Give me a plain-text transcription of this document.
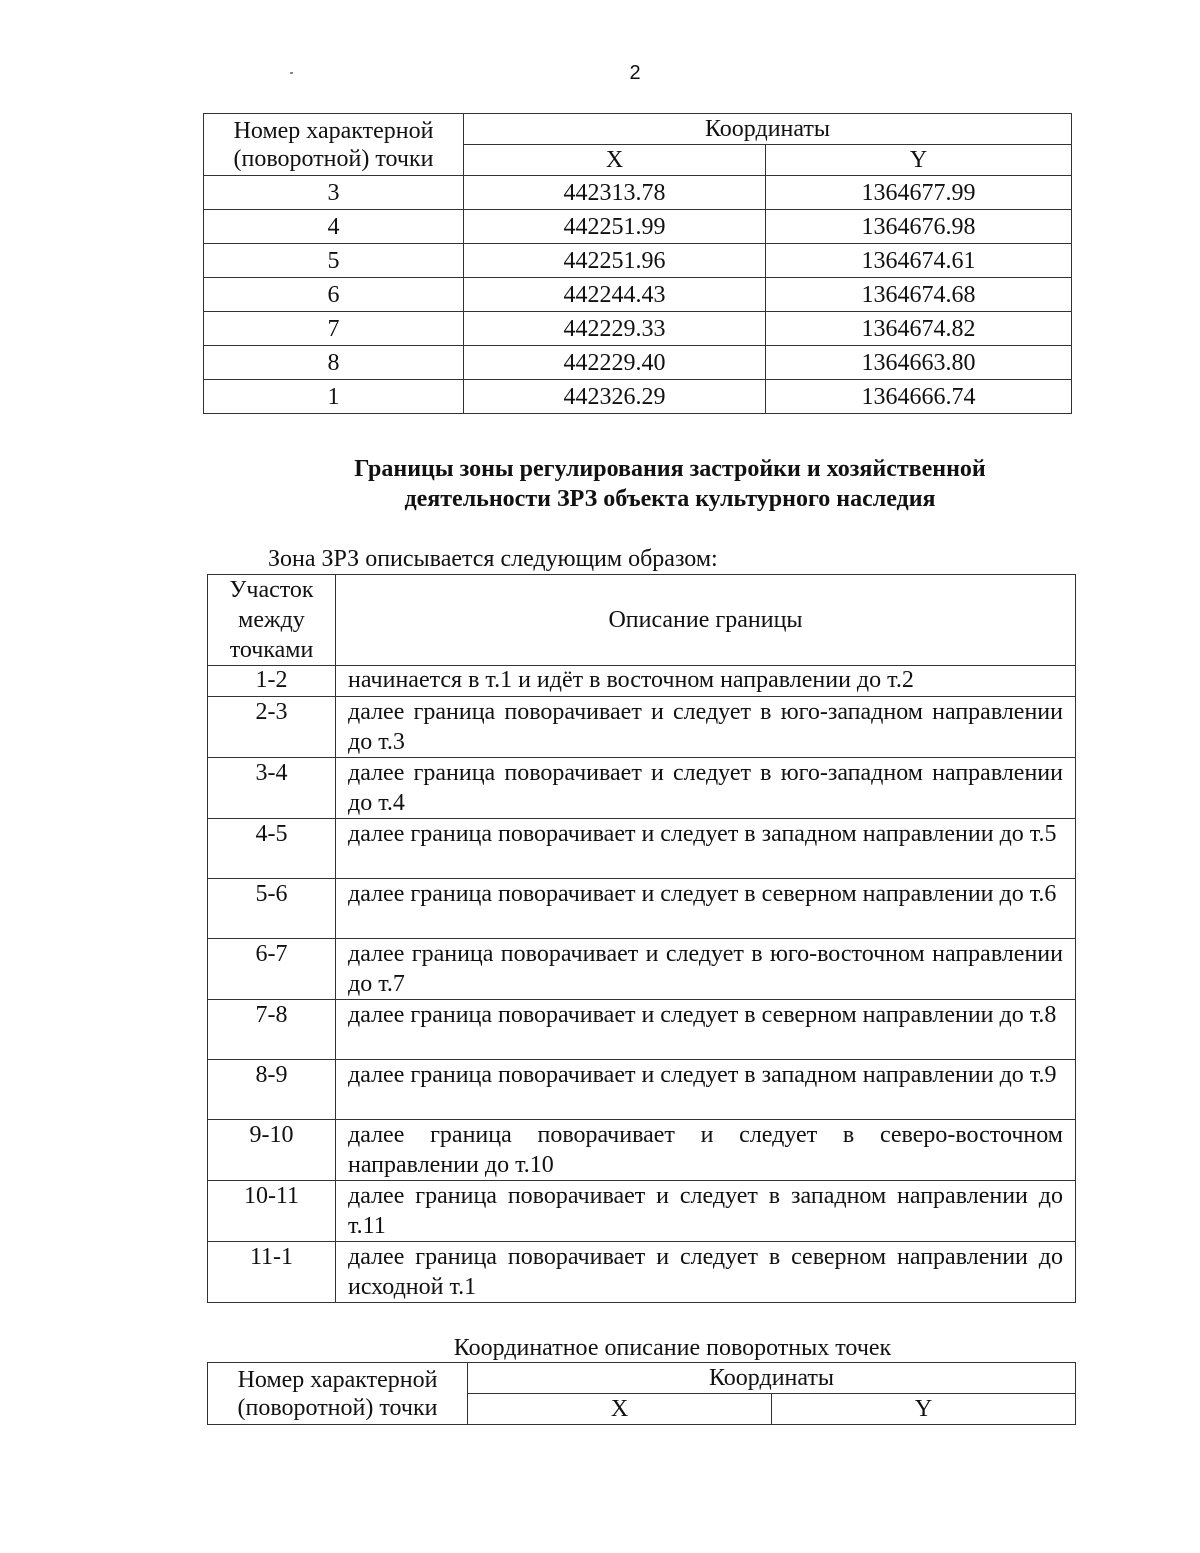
2
Номер характерной
(поворотной) точки	Координаты	
	X	Y
3	442313.78	1364677.99
4	442251.99	1364676.98
5	442251.96	1364674.61
6	442244.43	1364674.68
7	442229.33	1364674.82
8	442229.40	1364663.80
1	442326.29	1364666.74
Границы зоны регулирования застройки и хозяйственной
деятельности ЗРЗ объекта культурного наследия
Зона ЗРЗ описывается следующим образом:
Участок
между
точками	Описание границы
1-2	начинается в т.1 и идёт в восточном направлении до т.2
2-3	далее граница поворачивает и следует в юго-западном направлении до т.3
3-4	далее граница поворачивает и следует в юго-западном направлении до т.4
4-5	далее граница поворачивает и следует в западном направлении до т.5
5-6	далее граница поворачивает и следует в северном направлении до т.6
6-7	далее граница поворачивает и следует в юго-восточном направлении до т.7
7-8	далее граница поворачивает и следует в северном направлении до т.8
8-9	далее граница поворачивает и следует в западном направлении до т.9
9-10	далее граница поворачивает и следует в северо-восточном направлении до т.10
10-11	далее граница поворачивает и следует в западном направлении до т.11
11-1	далее граница поворачивает и следует в северном направлении до исходной т.1
Координатное описание поворотных точек
Номер характерной
(поворотной) точки	Координаты	
	X	Y
